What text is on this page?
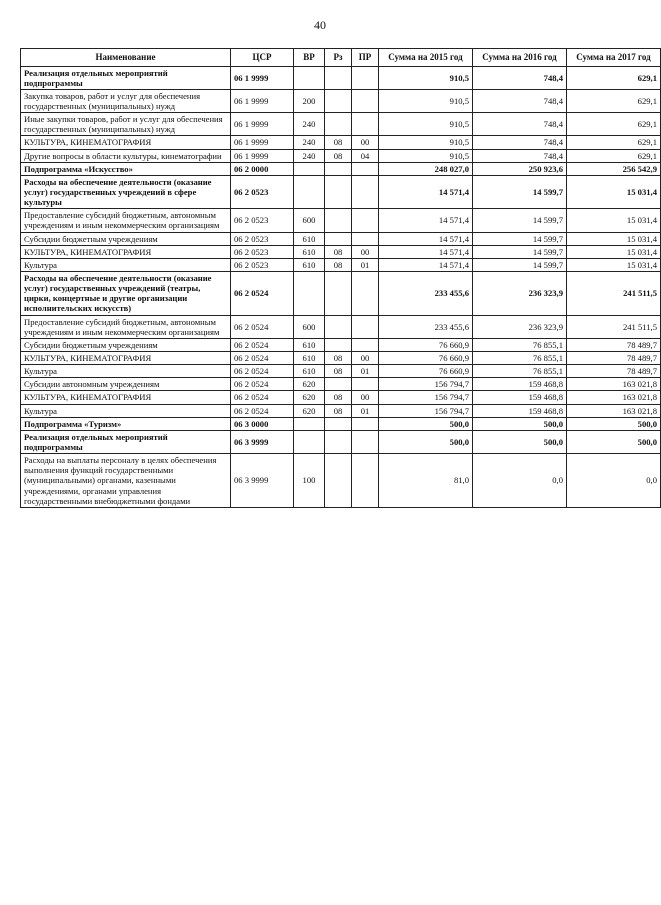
40
Наименование	ЦСР	ВР	Рз	ПР	Сумма на 2015 год	Сумма на 2016 год	Сумма на 2017 год
Реализация отдельных мероприятий подпрограммы	06 1 9999				910,5	748,4	629,1
Закупка товаров, работ и услуг для обеспечения государственных (муниципальных) нужд	06 1 9999	200			910,5	748,4	629,1
Иные закупки товаров, работ и услуг для обеспечения государственных (муниципальных) нужд	06 1 9999	240			910,5	748,4	629,1
КУЛЬТУРА, КИНЕМАТОГРАФИЯ	06 1 9999	240	08	00	910,5	748,4	629,1
Другие вопросы в области культуры, кинематографии	06 1 9999	240	08	04	910,5	748,4	629,1
Подпрограмма «Искусство»	06 2 0000				248 027,0	250 923,6	256 542,9
Расходы на обеспечение деятельности (оказание услуг) государственных учреждений в сфере культуры	06 2 0523				14 571,4	14 599,7	15 031,4
Предоставление субсидий бюджетным, автономным учреждениям и иным некоммерческим организациям	06 2 0523	600			14 571,4	14 599,7	15 031,4
Субсидии бюджетным учреждениям	06 2 0523	610			14 571,4	14 599,7	15 031,4
КУЛЬТУРА, КИНЕМАТОГРАФИЯ	06 2 0523	610	08	00	14 571,4	14 599,7	15 031,4
Культура	06 2 0523	610	08	01	14 571,4	14 599,7	15 031,4
Расходы на обеспечение деятельности (оказание услуг) государственных учреждений (театры, цирки, концертные и другие организации исполнительских искусств)	06 2 0524				233 455,6	236 323,9	241 511,5
Предоставление субсидий бюджетным, автономным учреждениям и иным некоммерческим организациям	06 2 0524	600			233 455,6	236 323,9	241 511,5
Субсидии бюджетным учреждениям	06 2 0524	610			76 660,9	76 855,1	78 489,7
КУЛЬТУРА, КИНЕМАТОГРАФИЯ	06 2 0524	610	08	00	76 660,9	76 855,1	78 489,7
Культура	06 2 0524	610	08	01	76 660,9	76 855,1	78 489,7
Субсидии автономным учреждениям	06 2 0524	620			156 794,7	159 468,8	163 021,8
КУЛЬТУРА, КИНЕМАТОГРАФИЯ	06 2 0524	620	08	00	156 794,7	159 468,8	163 021,8
Культура	06 2 0524	620	08	01	156 794,7	159 468,8	163 021,8
Подпрограмма «Туризм»	06 3 0000				500,0	500,0	500,0
Реализация отдельных мероприятий подпрограммы	06 3 9999				500,0	500,0	500,0
Расходы на выплаты персоналу в целях обеспечения выполнения функций государственными (муниципальными) органами, казенными учреждениями, органами управления государственными внебюджетными фондами	06 3 9999	100			81,0	0,0	0,0
